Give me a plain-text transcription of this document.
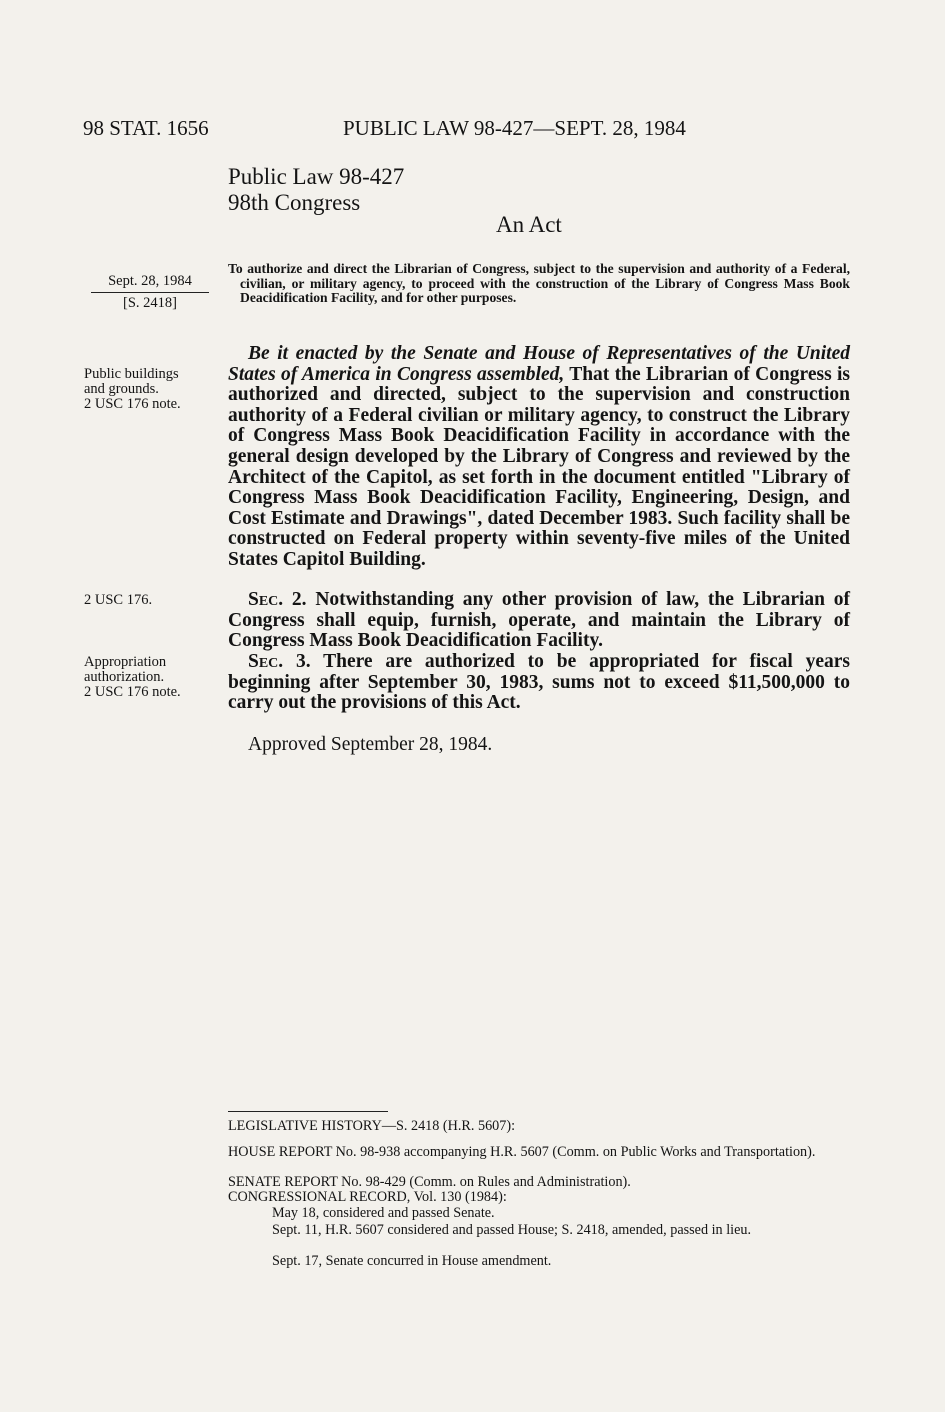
98 STAT. 1656	PUBLIC LAW 98-427—SEPT. 28, 1984
Public Law 98-427
98th Congress
An Act
Sept. 28, 1984
[S. 2418]
To authorize and direct the Librarian of Congress, subject to the supervision and authority of a Federal, civilian, or military agency, to proceed with the construction of the Library of Congress Mass Book Deacidification Facility, and for other purposes.
Public buildings
and grounds.
2 USC 176 note.
Be it enacted by the Senate and House of Representatives of the United States of America in Congress assembled, That the Librarian of Congress is authorized and directed, subject to the supervision and construction authority of a Federal civilian or military agency, to construct the Library of Congress Mass Book Deacidification Facility in accordance with the general design developed by the Library of Congress and reviewed by the Architect of the Capitol, as set forth in the document entitled "Library of Congress Mass Book Deacidification Facility, Engineering, Design, and Cost Estimate and Drawings", dated December 1983. Such facility shall be constructed on Federal property within seventy-five miles of the United States Capitol Building.
2 USC 176.	Sec. 2. Notwithstanding any other provision of law, the Librarian of Congress shall equip, furnish, operate, and maintain the Library of Congress Mass Book Deacidification Facility.
Appropriation
authorization.
2 USC 176 note.
Sec. 3. There are authorized to be appropriated for fiscal years beginning after September 30, 1983, sums not to exceed $11,500,000 to carry out the provisions of this Act.
Approved September 28, 1984.
LEGISLATIVE HISTORY—S. 2418 (H.R. 5607):
HOUSE REPORT No. 98-938 accompanying H.R. 5607 (Comm. on Public Works and Transportation).
SENATE REPORT No. 98-429 (Comm. on Rules and Administration).
CONGRESSIONAL RECORD, Vol. 130 (1984):
May 18, considered and passed Senate.
Sept. 11, H.R. 5607 considered and passed House; S. 2418, amended, passed in lieu.
Sept. 17, Senate concurred in House amendment.
